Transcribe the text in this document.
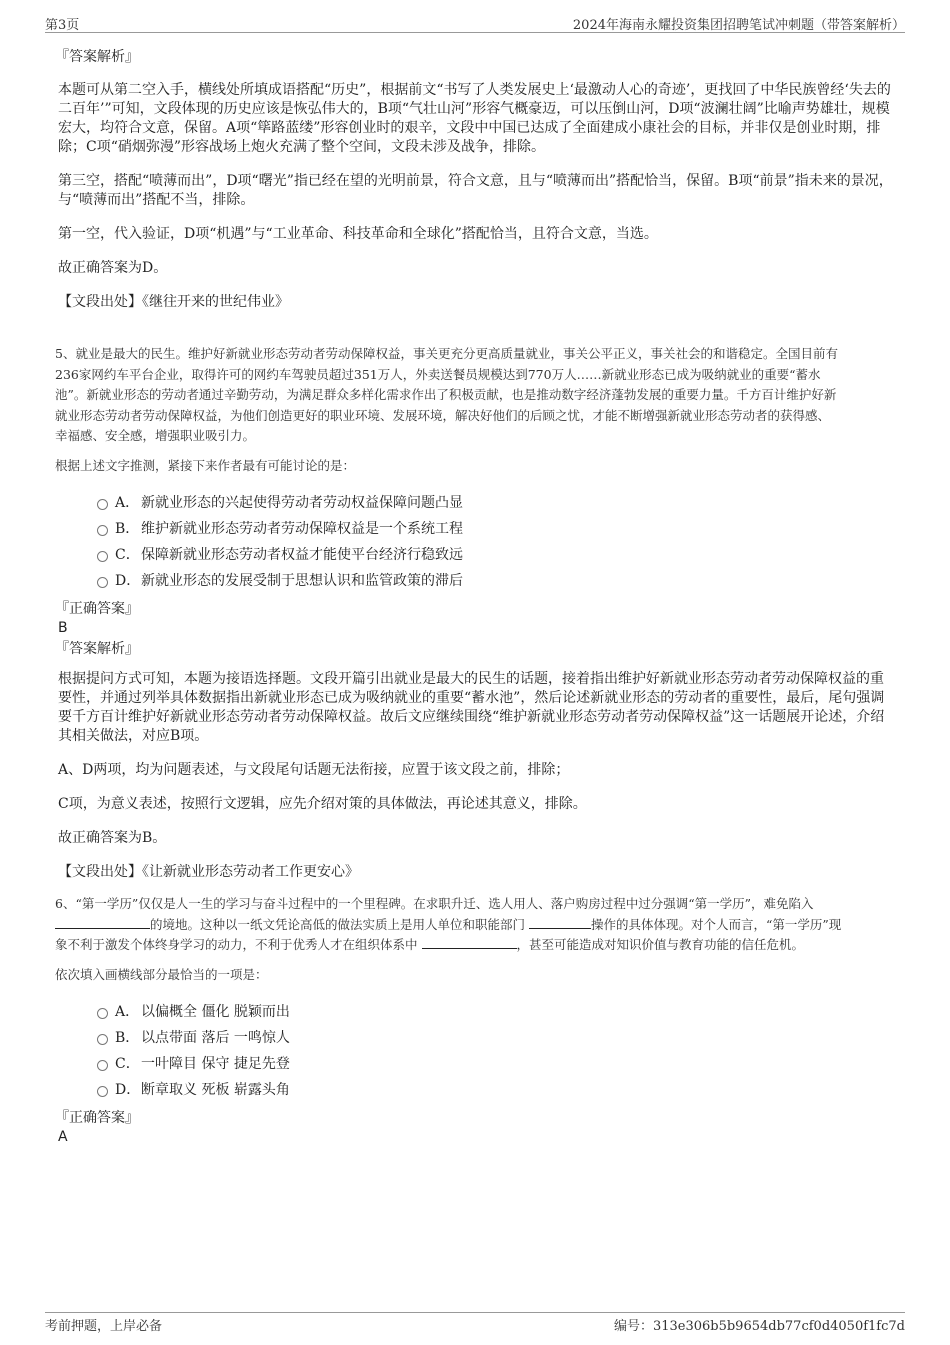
第3页	2024年海南永耀投资集团招聘笔试冲刺题（带答案解析）

『答案解析』

本题可从第二空入手，横线处所填成语搭配“历史”，根据前文“书写了人类发展史上‘最激动人心的奇迹’，更找回了中华民族曾经‘失去的二百年’”可知，文段体现的历史应该是恢弘伟大的，B项“气壮山河”形容气概豪迈，可以压倒山河，D项“波澜壮阔”比喻声势雄壮，规模宏大，均符合文意，保留。A项“筚路蓝缕”形容创业时的艰辛，文段中中国已达成了全面建成小康社会的目标，并非仅是创业时期，排除；C项“硝烟弥漫”形容战场上炮火充满了整个空间，文段未涉及战争，排除。

第三空，搭配“喷薄而出”，D项“曙光”指已经在望的光明前景，符合文意，且与“喷薄而出”搭配恰当，保留。B项“前景”指未来的景况，与“喷薄而出”搭配不当，排除。

第一空，代入验证，D项“机遇”与“工业革命、科技革命和全球化”搭配恰当，且符合文意，当选。

故正确答案为D。

【文段出处】《继往开来的世纪伟业》

5、就业是最大的民生。维护好新就业形态劳动者劳动保障权益，事关更充分更高质量就业，事关公平正义，事关社会的和谐稳定。全国目前有

236家网约车平台企业，取得许可的网约车驾驶员超过351万人，外卖送餐员规模达到770万人……新就业形态已成为吸纳就业的重要“蓄水

池”。新就业形态的劳动者通过辛勤劳动，为满足群众多样化需求作出了积极贡献，也是推动数字经济蓬勃发展的重要力量。千方百计维护好新

就业形态劳动者劳动保障权益，为他们创造更好的职业环境、发展环境，解决好他们的后顾之忧，才能不断增强新就业形态劳动者的获得感、

幸福感、安全感，增强职业吸引力。

根据上述文字推测，紧接下来作者最有可能讨论的是：

A． 新就业形态的兴起使得劳动者劳动权益保障问题凸显
B． 维护新就业形态劳动者劳动保障权益是一个系统工程
C．保障新就业形态劳动者权益才能使平台经济行稳致远
D．新就业形态的发展受制于思想认识和监管政策的滞后

『正确答案』

B

『答案解析』

根据提问方式可知，本题为接语选择题。文段开篇引出就业是最大的民生的话题，接着指出维护好新就业形态劳动者劳动保障权益的重要性，并通过列举具体数据指出新就业形态已成为吸纳就业的重要“蓄水池”，然后论述新就业形态的劳动者的重要性，最后，尾句强调要千方百计维护好新就业形态劳动者劳动保障权益。故后文应继续围绕“维护新就业形态劳动者劳动保障权益”这一话题展开论述，介绍其相关做法，对应B项。

A、D两项，均为问题表述，与文段尾句话题无法衔接，应置于该文段之前，排除；

C项，为意义表述，按照行文逻辑，应先介绍对策的具体做法，再论述其意义，排除。

故正确答案为B。

【文段出处】《让新就业形态劳动者工作更安心》

6、“第一学历”仅仅是人一生的学习与奋斗过程中的一个里程碑。在求职升迁、选人用人、落户购房过程中过分强调“第一学历”，难免陷入
的境地。这种以一纸文凭论高低的做法实质上是用人单位和职能部门	操作的具体体现。对个人而言，“第一学历”现
象不利于激发个体终身学习的动力，不利于优秀人才在组织体系中	，甚至可能造成对知识价值与教育功能的信任危机。

依次填入画横线部分最恰当的一项是：

A． 以偏概全 僵化 脱颖而出
B． 以点带面 落后 一鸣惊人
C．一叶障目 保守 捷足先登
D．断章取义 死板 崭露头角

『正确答案』

A

考前押题，上岸必备	编号：313e306b5b9654db77cf0d4050f1fc7d
